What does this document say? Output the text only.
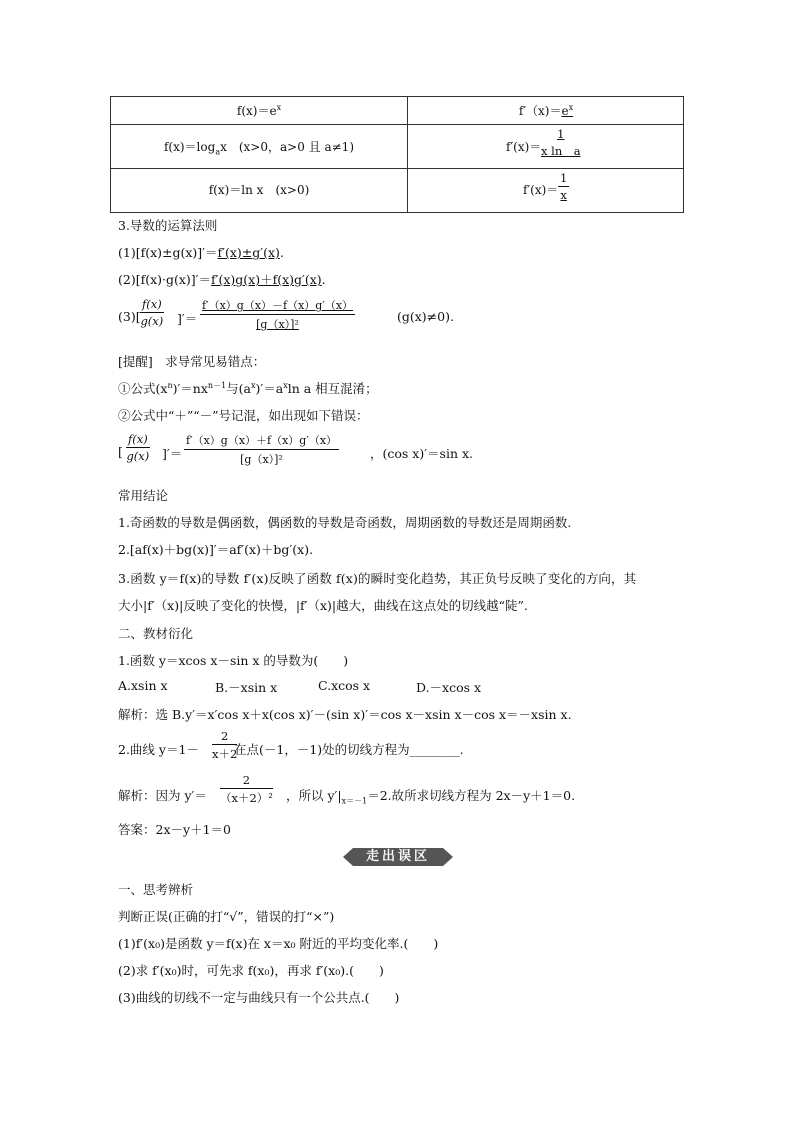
$f(x)=e^x$	$f'(x)=e^x$
$f(x)=\log_ax$　(x>0，a>0 且 a≠1)	$f'(x)= \frac{1}{\text{x ln　a}}$
f(x)＝ln x　(x>0)	$f'(x)= \frac{1}{x}$
3.导数的运算法则
(1)[f(x)±g(x)]′＝f′(x)±g′(x).
(2)[f(x)·g(x)]′＝f′(x)g(x)＋f(x)g′(x).
$(3)[ \frac{f(x)}{g(x)}$ ]′＝ $\frac{f'(x)g(x)-f(x)g'(x)}{\text{[g（x）]²}}$	(g(x)≠0).
[提醒]　求导常见易错点：
①公式$(x^n)'=nx^{n-1}$与$(a^x)'=a^x\ln$ a 相互混淆；
②公式中“＋”“－”号记混，如出现如下错误：
[ $\frac{f(x)}{g(x)}$ ]′＝ $\frac{f'(x)g(x)+f(x)g'(x)}{\text{[g（x）]²}}$ ，(cos x)′＝sin x.
常用结论
1.奇函数的导数是偶函数，偶函数的导数是奇函数，周期函数的导数还是周期函数.
2.[af(x)＋bg(x)]′＝af′(x)＋bg′(x).
3.函数 y＝f(x)的导数 f′(x)反映了函数 f(x)的瞬时变化趋势，其正负号反映了变化的方向，其
大小|f′（x)|反映了变化的快慢，|f′（x)|越大，曲线在这点处的切线越“陡”.
二、教材衍化
1.函数 y＝xcos x－sin x 的导数为(　　)
A.xsin x	B.－xsin x	C.xcos x	D.－xcos x
解析：选 B.y′＝x′cos x＋x(cos x)′－(sin x)′＝cos x－xsin x－cos x＝－xsin x.
2.曲线 $y=1- \frac{2}{x+2}$
在点(－1，－1)处的切线方程为________.
解析：因为 $y'= \frac{2}{\text{（x＋2）²}}$ ，所以 $y'|_{x=-1}=2$.故所求切线方程为 2x－y＋1＝0.
答案：2x－y＋1＝0
走出误区
一、思考辨析
判断正误(正确的打“√”，错误的打“×”)
(1)f′(x₀)是函数 y＝f(x)在 x＝x₀ 附近的平均变化率.(　　)
(2)求 f′(x₀)时，可先求 f(x₀)，再求 f′(x₀).(　　)
(3)曲线的切线不一定与曲线只有一个公共点.(　　)
